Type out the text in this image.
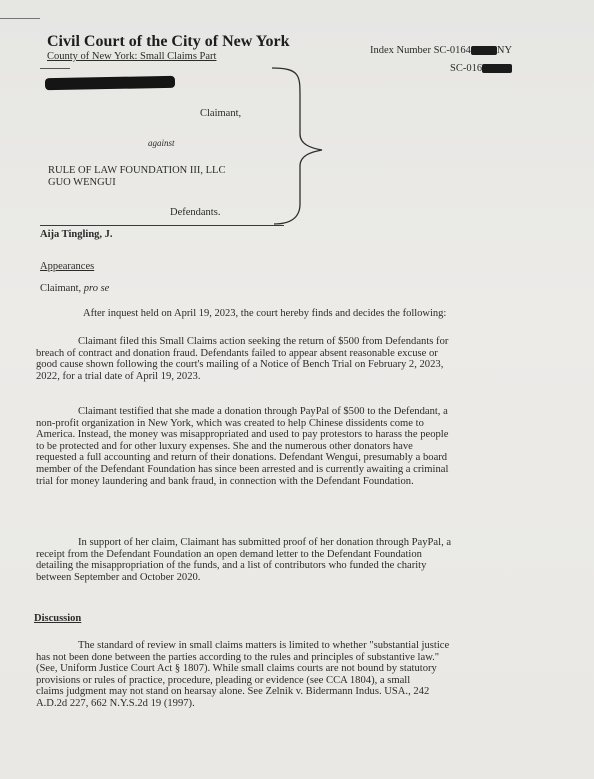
Civil Court of the City of New York
County of New York: Small Claims Part
Index Number SC-0164 NY
SC-016
Claimant,
against
RULE OF LAW FOUNDATION III, LLC
GUO WENGUI
Defendants.
Aija Tingling, J.
Appearances
Claimant, pro se
After inquest held on April 19, 2023, the court hereby finds and decides the following:
Claimant filed this Small Claims action seeking the return of $500 from Defendants for
breach of contract and donation fraud. Defendants failed to appear absent reasonable excuse or
good cause shown following the court's mailing of a Notice of Bench Trial on February 2, 2023,
2022, for a trial date of April 19, 2023.
Claimant testified that she made a donation through PayPal of $500 to the Defendant, a
non-profit organization in New York, which was created to help Chinese dissidents come to
America. Instead, the money was misappropriated and used to pay protestors to harass the people
to be protected and for other luxury expenses. She and the numerous other donators have
requested a full accounting and return of their donations. Defendant Wengui, presumably a board
member of the Defendant Foundation has since been arrested and is currently awaiting a criminal
trial for money laundering and bank fraud, in connection with the Defendant Foundation.
In support of her claim, Claimant has submitted proof of her donation through PayPal, a
receipt from the Defendant Foundation an open demand letter to the Defendant Foundation
detailing the misappropriation of the funds, and a list of contributors who funded the charity
between September and October 2020.
Discussion
The standard of review in small claims matters is limited to whether "substantial justice
has not been done between the parties according to the rules and principles of substantive law."
(See, Uniform Justice Court Act § 1807). While small claims courts are not bound by statutory
provisions or rules of practice, procedure, pleading or evidence (see CCA 1804), a small
claims judgment may not stand on hearsay alone. See Zelnik v. Bidermann Indus. USA., 242
A.D.2d 227, 662 N.Y.S.2d 19 (1997).
